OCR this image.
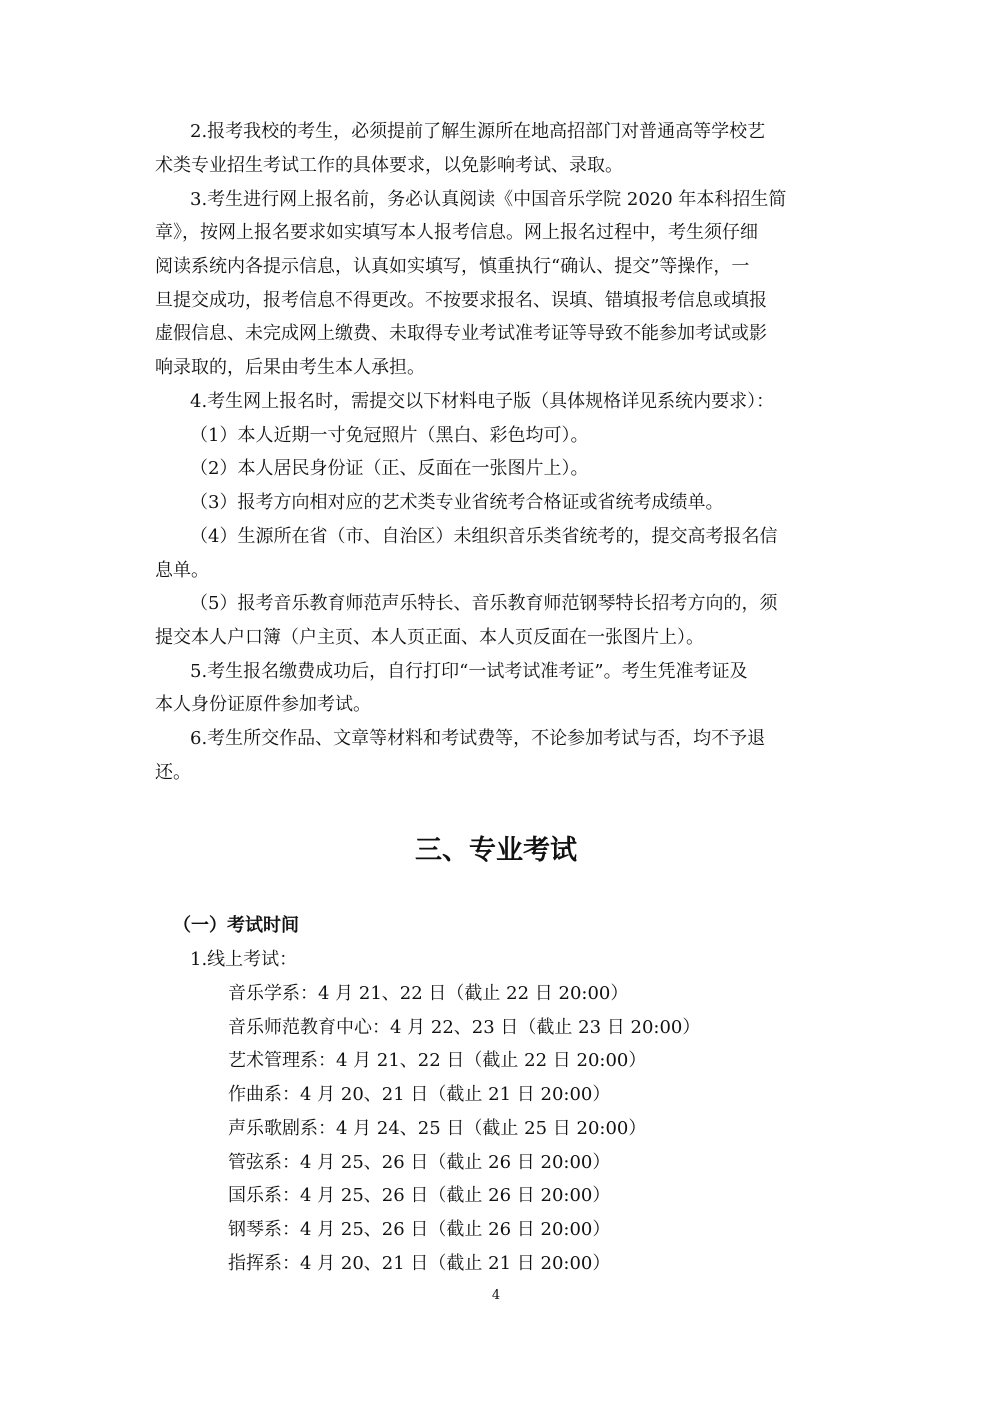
2.报考我校的考生，必须提前了解生源所在地高招部门对普通高等学校艺
术类专业招生考试工作的具体要求，以免影响考试、录取。
3.考生进行网上报名前，务必认真阅读《中国音乐学院 2020 年本科招生简
章》，按网上报名要求如实填写本人报考信息。网上报名过程中，考生须仔细
阅读系统内各提示信息，认真如实填写，慎重执行“确认、提交”等操作，一
旦提交成功，报考信息不得更改。不按要求报名、误填、错填报考信息或填报
虚假信息、未完成网上缴费、未取得专业考试准考证等导致不能参加考试或影
响录取的，后果由考生本人承担。
4.考生网上报名时，需提交以下材料电子版（具体规格详见系统内要求）：
（1）本人近期一寸免冠照片（黑白、彩色均可）。
（2）本人居民身份证（正、反面在一张图片上）。
（3）报考方向相对应的艺术类专业省统考合格证或省统考成绩单。
（4）生源所在省（市、自治区）未组织音乐类省统考的，提交高考报名信
息单。
（5）报考音乐教育师范声乐特长、音乐教育师范钢琴特长招考方向的，须
提交本人户口簿（户主页、本人页正面、本人页反面在一张图片上）。
5.考生报名缴费成功后，自行打印“一试考试准考证”。考生凭准考证及
本人身份证原件参加考试。
6.考生所交作品、文章等材料和考试费等，不论参加考试与否，均不予退
还。
三、专业考试
（一）考试时间
1.线上考试：
音乐学系：4 月 21、22 日（截止 22 日 20:00）
音乐师范教育中心：4 月 22、23 日（截止 23 日 20:00）
艺术管理系：4 月 21、22 日（截止 22 日 20:00）
作曲系：4 月 20、21 日（截止 21 日 20:00）
声乐歌剧系：4 月 24、25 日（截止 25 日 20:00）
管弦系：4 月 25、26 日（截止 26 日 20:00）
国乐系：4 月 25、26 日（截止 26 日 20:00）
钢琴系：4 月 25、26 日（截止 26 日 20:00）
指挥系：4 月 20、21 日（截止 21 日 20:00）
4
